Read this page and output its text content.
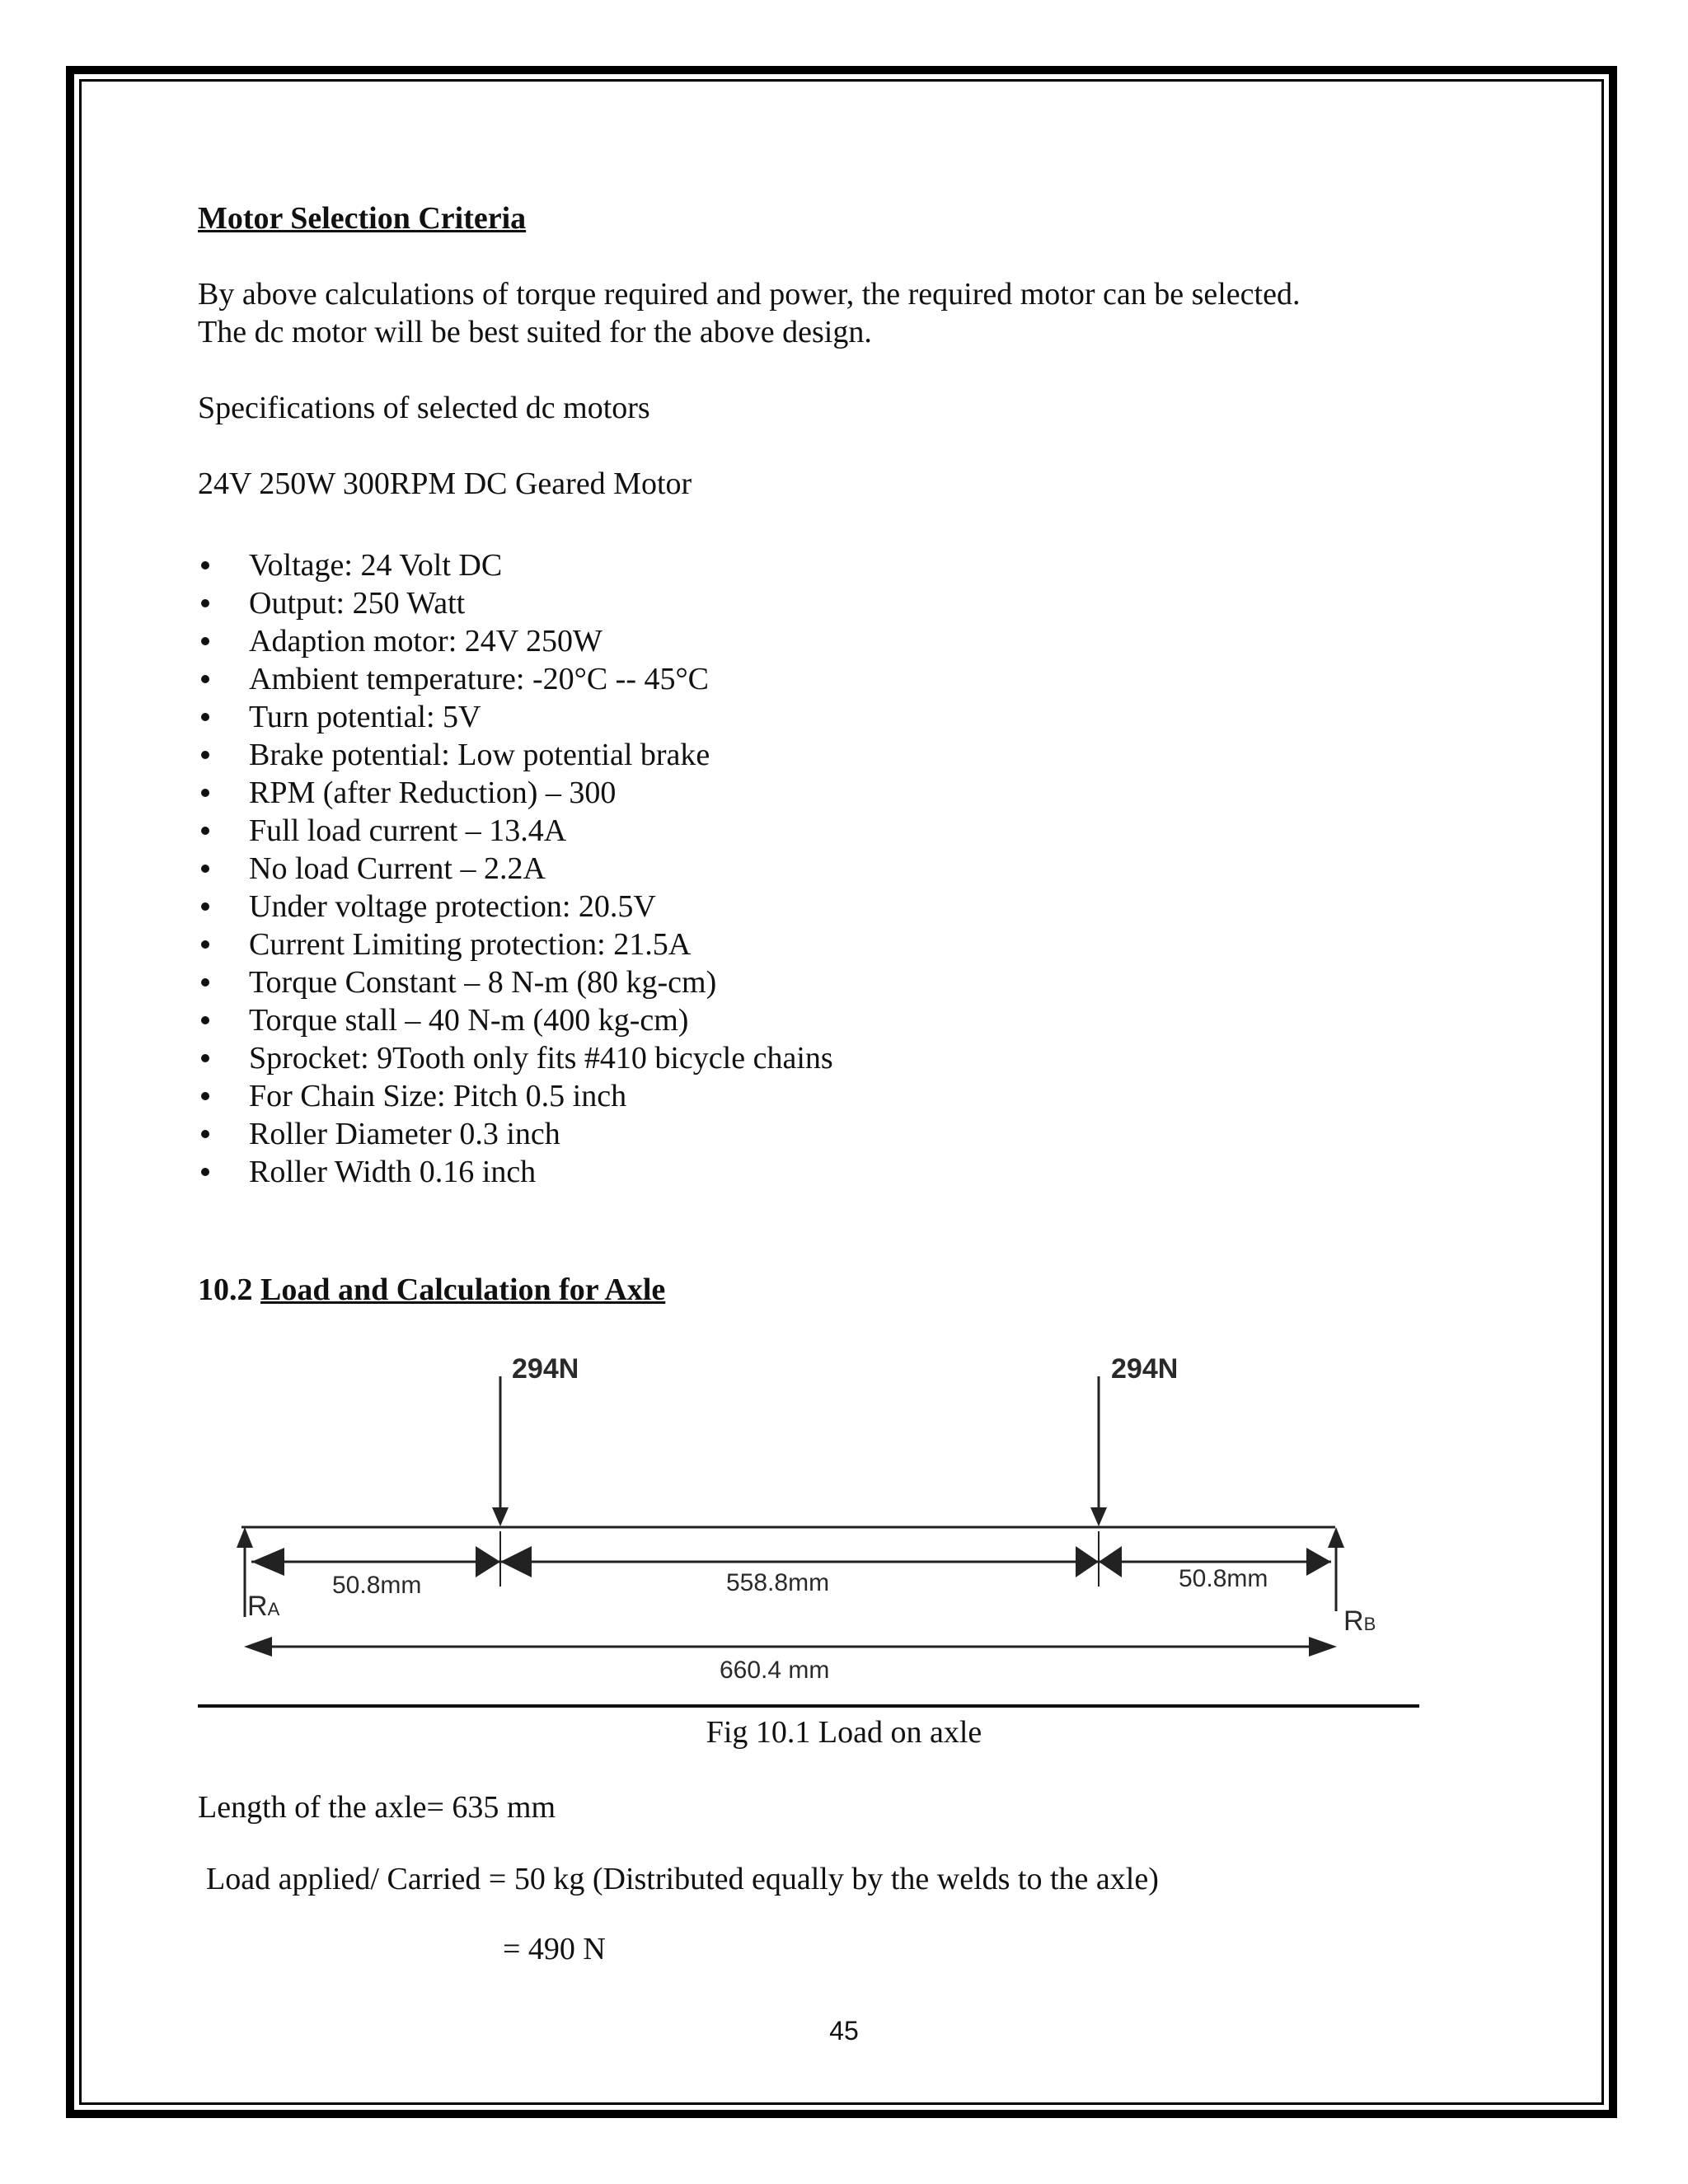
Motor Selection Criteria
By above calculations of torque required and power, the required motor can be selected.
The dc motor will be best suited for the above design.
Specifications of selected dc motors
24V 250W 300RPM DC Geared Motor
Voltage: 24 Volt DC
Output: 250 Watt
Adaption motor: 24V 250W
Ambient temperature: -20°C -- 45°C
Turn potential: 5V
Brake potential: Low potential brake
RPM (after Reduction) – 300
Full load current – 13.4A
No load Current – 2.2A
Under voltage protection: 20.5V
Current Limiting protection: 21.5A
Torque Constant – 8 N-m (80 kg-cm)
Torque stall – 40 N-m (400 kg-cm)
Sprocket: 9Tooth only fits #410 bicycle chains
For Chain Size: Pitch 0.5 inch
Roller Diameter 0.3 inch
Roller Width 0.16 inch
10.2 Load and Calculation for Axle
294N	294N
50.8mm	558.8mm	50.8mm
660.4 mm
RA	RB
Fig 10.1 Load on axle
Length of the axle= 635 mm
Load applied/ Carried = 50 kg (Distributed equally by the welds to the axle)
= 490 N
45
